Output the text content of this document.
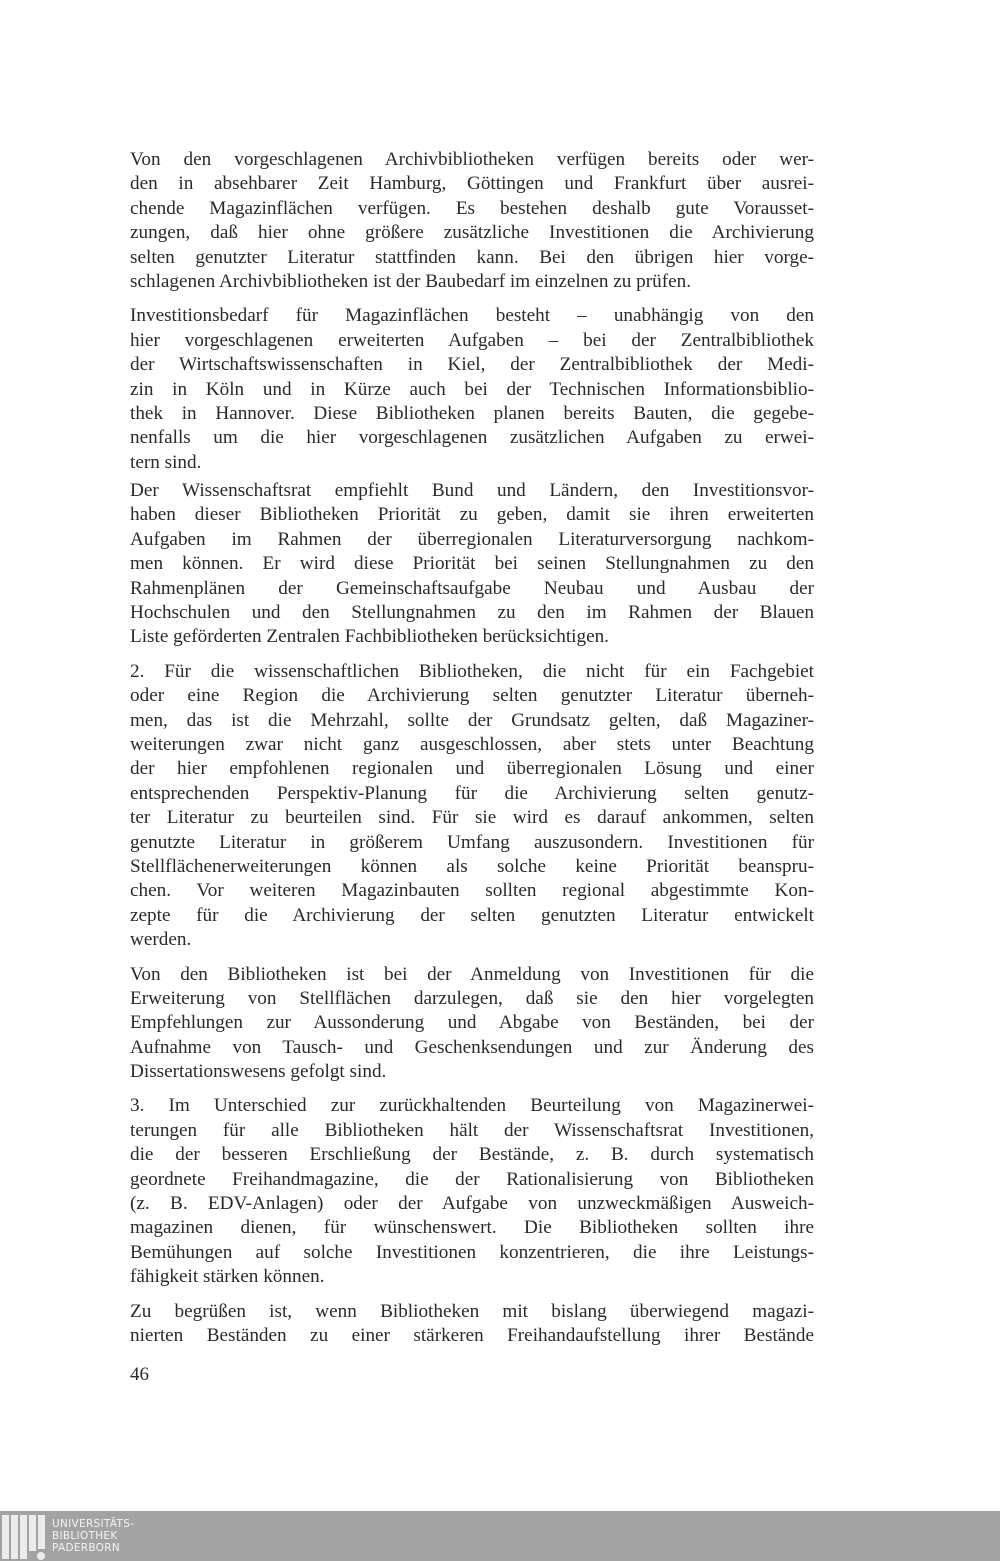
Von den vorgeschlagenen Archivbibliotheken verfügen bereits oder wer-
den in absehbarer Zeit Hamburg, Göttingen und Frankfurt über ausrei-
chende Magazinflächen verfügen. Es bestehen deshalb gute Vorausset-
zungen, daß hier ohne größere zusätzliche Investitionen die Archivierung
selten genutzter Literatur stattfinden kann. Bei den übrigen hier vorge-
schlagenen Archivbibliotheken ist der Baubedarf im einzelnen zu prüfen.
Investitionsbedarf für Magazinflächen besteht – unabhängig von den
hier vorgeschlagenen erweiterten Aufgaben – bei der Zentralbibliothek
der Wirtschaftswissenschaften in Kiel, der Zentralbibliothek der Medi-
zin in Köln und in Kürze auch bei der Technischen Informationsbiblio-
thek in Hannover. Diese Bibliotheken planen bereits Bauten, die gegebe-
nenfalls um die hier vorgeschlagenen zusätzlichen Aufgaben zu erwei-
tern sind.
Der Wissenschaftsrat empfiehlt Bund und Ländern, den Investitionsvor-
haben dieser Bibliotheken Priorität zu geben, damit sie ihren erweiterten
Aufgaben im Rahmen der überregionalen Literaturversorgung nachkom-
men können. Er wird diese Priorität bei seinen Stellungnahmen zu den
Rahmenplänen der Gemeinschaftsaufgabe Neubau und Ausbau der
Hochschulen und den Stellungnahmen zu den im Rahmen der Blauen
Liste geförderten Zentralen Fachbibliotheken berücksichtigen.
2. Für die wissenschaftlichen Bibliotheken, die nicht für ein Fachgebiet
oder eine Region die Archivierung selten genutzter Literatur überneh-
men, das ist die Mehrzahl, sollte der Grundsatz gelten, daß Magaziner-
weiterungen zwar nicht ganz ausgeschlossen, aber stets unter Beachtung
der hier empfohlenen regionalen und überregionalen Lösung und einer
entsprechenden Perspektiv-Planung für die Archivierung selten genutz-
ter Literatur zu beurteilen sind. Für sie wird es darauf ankommen, selten
genutzte Literatur in größerem Umfang auszusondern. Investitionen für
Stellflächenerweiterungen können als solche keine Priorität beanspru-
chen. Vor weiteren Magazinbauten sollten regional abgestimmte Kon-
zepte für die Archivierung der selten genutzten Literatur entwickelt
werden.
Von den Bibliotheken ist bei der Anmeldung von Investitionen für die
Erweiterung von Stellflächen darzulegen, daß sie den hier vorgelegten
Empfehlungen zur Aussonderung und Abgabe von Beständen, bei der
Aufnahme von Tausch- und Geschenksendungen und zur Änderung des
Dissertationswesens gefolgt sind.
3. Im Unterschied zur zurückhaltenden Beurteilung von Magazinerwei-
terungen für alle Bibliotheken hält der Wissenschaftsrat Investitionen,
die der besseren Erschließung der Bestände, z. B. durch systematisch
geordnete Freihandmagazine, die der Rationalisierung von Bibliotheken
(z. B. EDV-Anlagen) oder der Aufgabe von unzweckmäßigen Ausweich-
magazinen dienen, für wünschenswert. Die Bibliotheken sollten ihre
Bemühungen auf solche Investitionen konzentrieren, die ihre Leistungs-
fähigkeit stärken können.
Zu begrüßen ist, wenn Bibliotheken mit bislang überwiegend magazi-
nierten Beständen zu einer stärkeren Freihandaufstellung ihrer Bestände
46
UNIVERSITÄTS-
BIBLIOTHEK
PADERBORN
